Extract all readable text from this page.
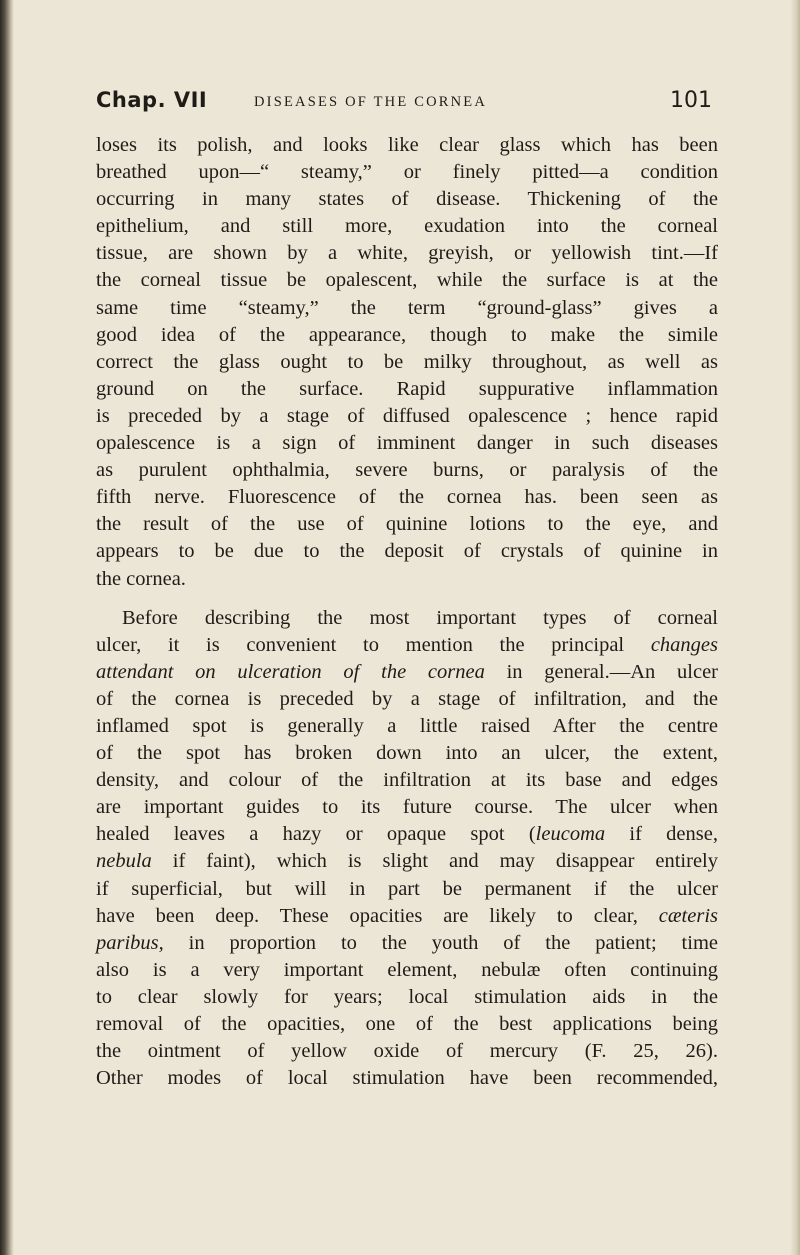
Chap. VII	DISEASES OF THE CORNEA	101
loses its polish, and looks like clear glass which has been
breathed upon—“ steamy,” or finely pitted—a condition
occurring in many states of disease. Thickening of the
epithelium, and still more, exudation into the corneal
tissue, are shown by a white, greyish, or yellowish tint.—If
the corneal tissue be opalescent, while the surface is at the
same time “steamy,” the term “ground-glass” gives a
good idea of the appearance, though to make the simile
correct the glass ought to be milky throughout, as well as
ground on the surface. Rapid suppurative inflammation
is preceded by a stage of diffused opalescence ; hence rapid
opalescence is a sign of imminent danger in such diseases
as purulent ophthalmia, severe burns, or paralysis of the
fifth nerve. Fluorescence of the cornea has. been seen as
the result of the use of quinine lotions to the eye, and
appears to be due to the deposit of crystals of quinine in
the cornea.
Before describing the most important types of corneal
ulcer, it is convenient to mention the principal changes
attendant on ulceration of the cornea in general.—An ulcer
of the cornea is preceded by a stage of infiltration, and the
inflamed spot is generally a little raised After the centre
of the spot has broken down into an ulcer, the extent,
density, and colour of the infiltration at its base and edges
are important guides to its future course. The ulcer when
healed leaves a hazy or opaque spot (leucoma if dense,
nebula if faint), which is slight and may disappear entirely
if superficial, but will in part be permanent if the ulcer
have been deep. These opacities are likely to clear, cæteris
paribus, in proportion to the youth of the patient; time
also is a very important element, nebulæ often continuing
to clear slowly for years; local stimulation aids in the
removal of the opacities, one of the best applications being
the ointment of yellow oxide of mercury (F. 25, 26).
Other modes of local stimulation have been recommended,
